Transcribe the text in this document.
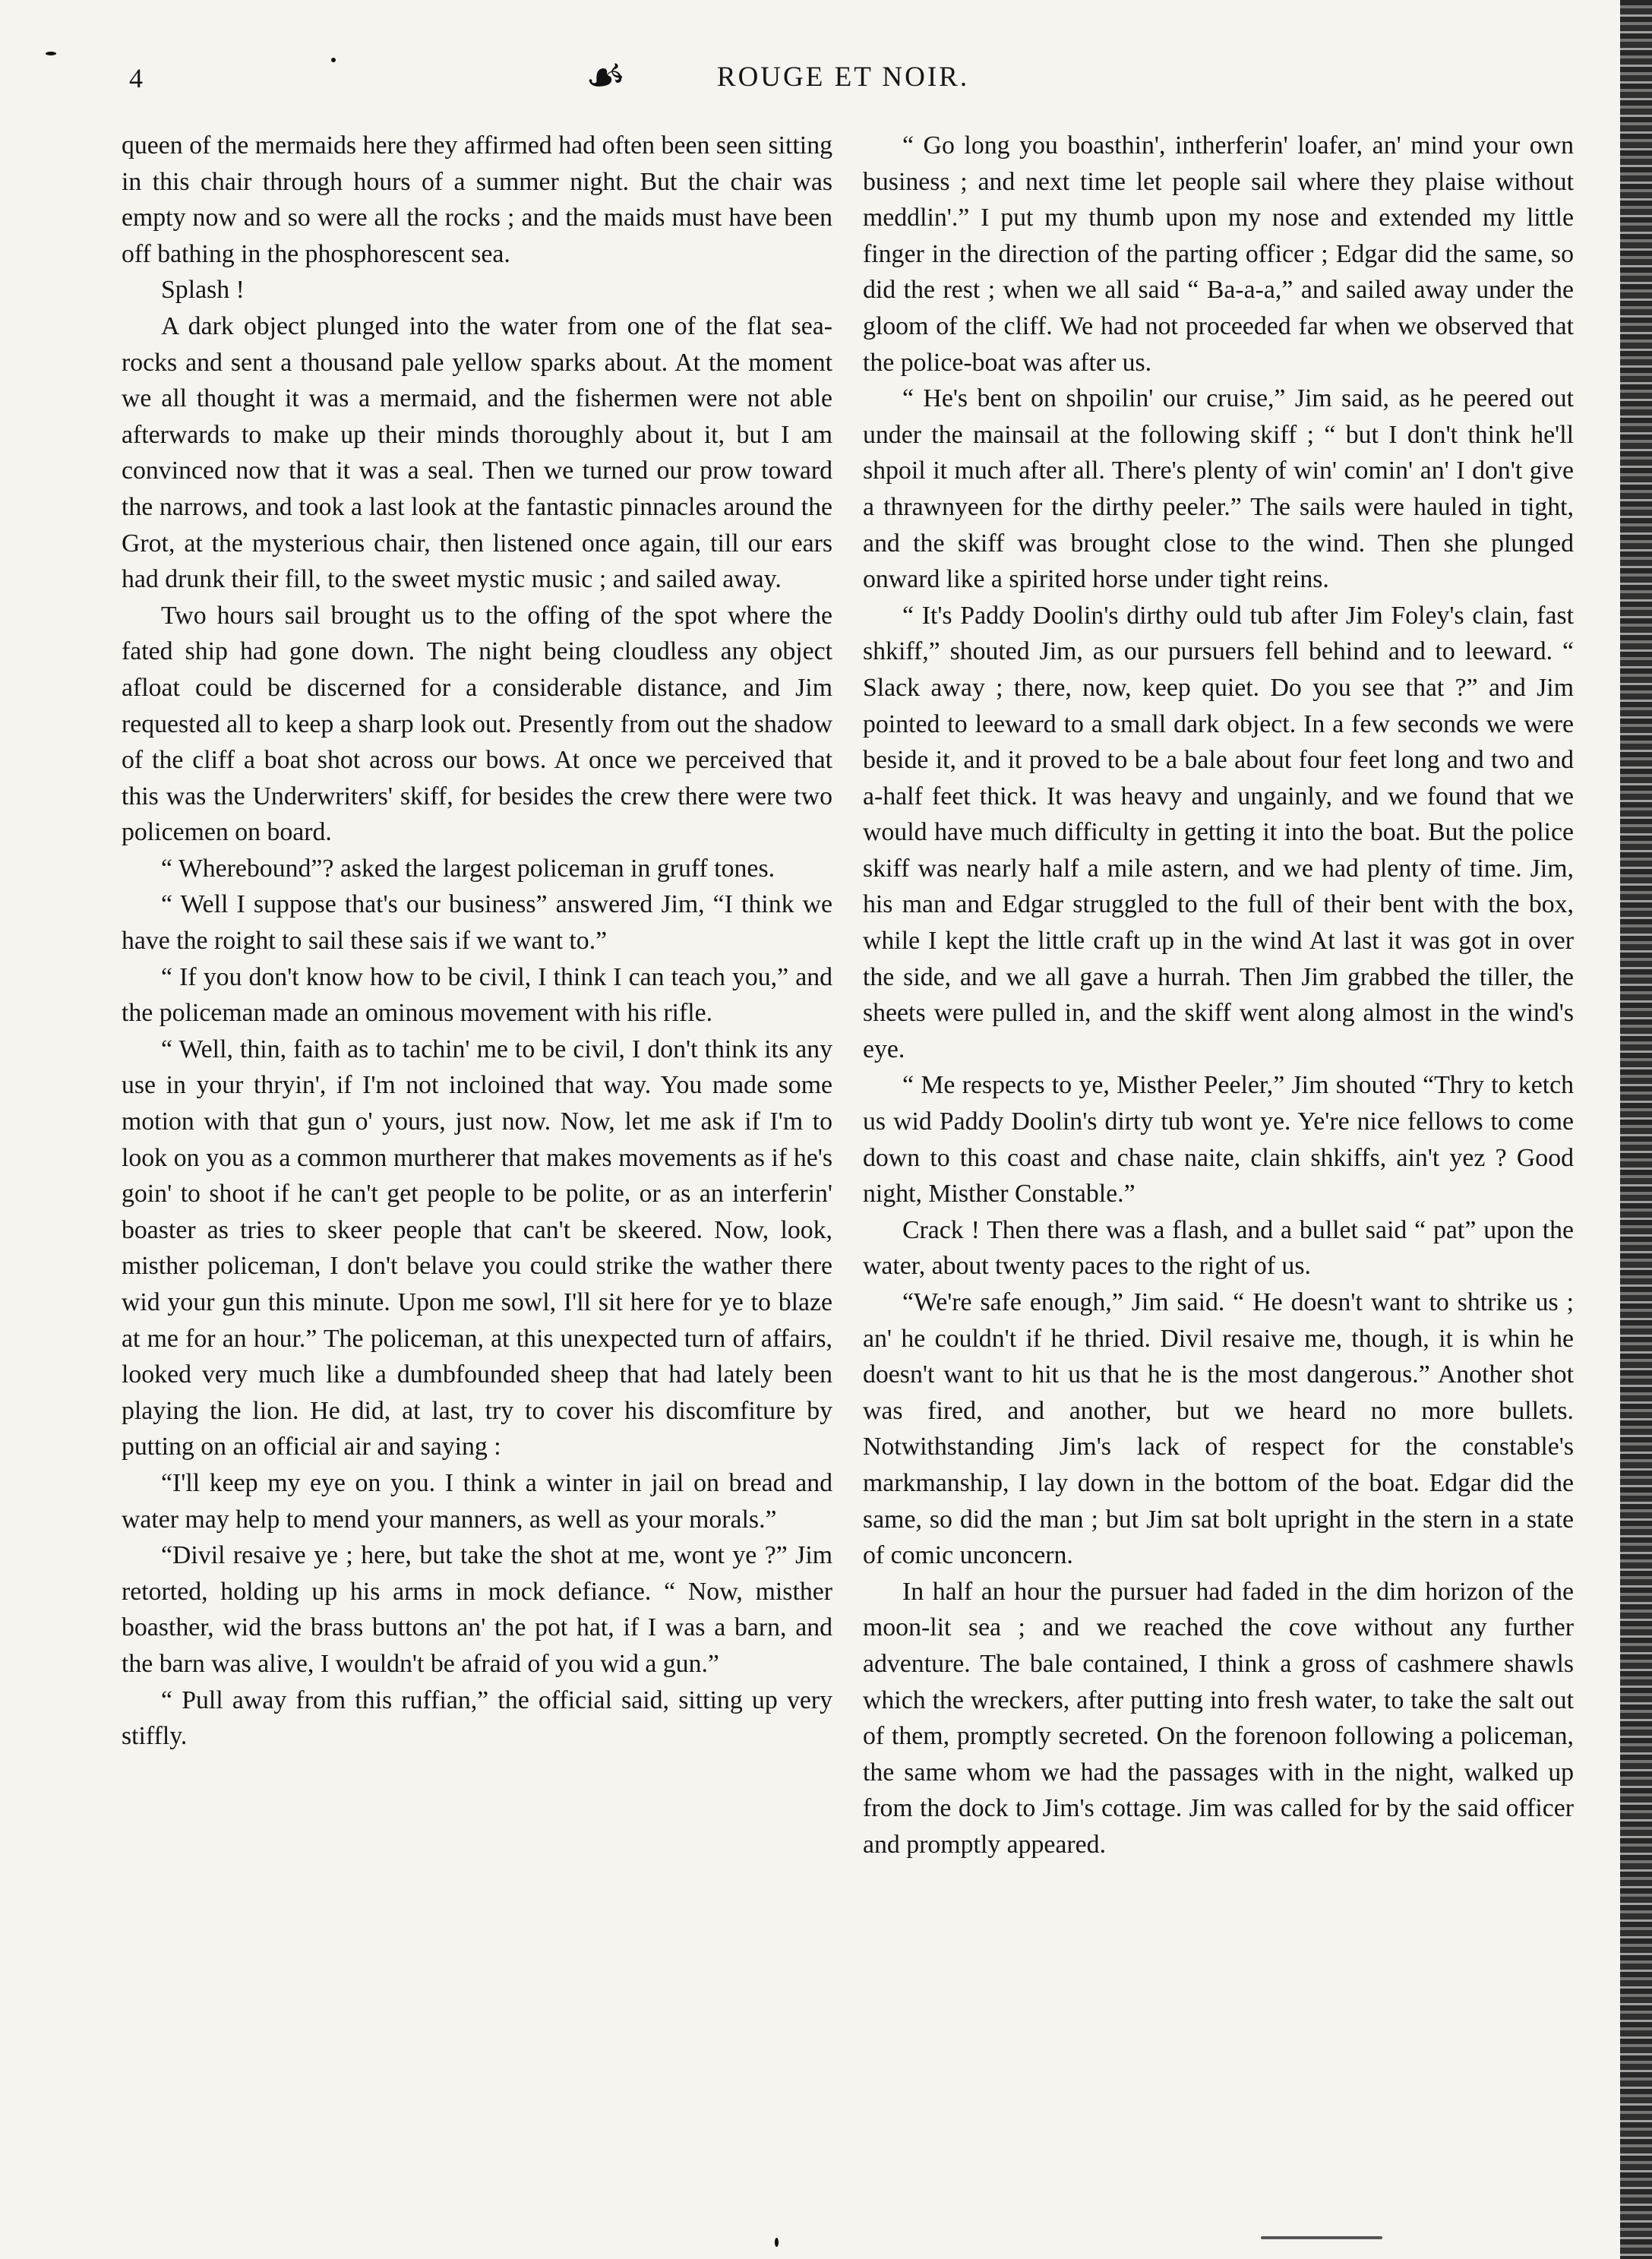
4	☙	ROUGE ET NOIR.

queen of the mermaids here they affirmed had often been seen sitting in this chair through hours of a summer night. But the chair was empty now and so were all the rocks ; and the maids must have been off bathing in the phosphorescent sea.

Splash !

A dark object plunged into the water from one of the flat sea-rocks and sent a thousand pale yellow sparks about. At the moment we all thought it was a mermaid, and the fishermen were not able afterwards to make up their minds thoroughly about it, but I am convinced now that it was a seal. Then we turned our prow toward the narrows, and took a last look at the fantastic pinnacles around the Grot, at the mysterious chair, then listened once again, till our ears had drunk their fill, to the sweet mystic music ; and sailed away.

Two hours sail brought us to the offing of the spot where the fated ship had gone down. The night being cloudless any object afloat could be discerned for a considerable distance, and Jim requested all to keep a sharp look out. Presently from out the shadow of the cliff a boat shot across our bows. At once we perceived that this was the Underwriters' skiff, for besides the crew there were two policemen on board.

“ Wherebound”? asked the largest policeman in gruff tones.

“ Well I suppose that's our business” answered Jim, “I think we have the roight to sail these sais if we want to.”

“ If you don't know how to be civil, I think I can teach you,” and the policeman made an ominous movement with his rifle.

“ Well, thin, faith as to tachin' me to be civil, I don't think its any use in your thryin', if I'm not incloined that way. You made some motion with that gun o' yours, just now. Now, let me ask if I'm to look on you as a common murtherer that makes movements as if he's goin' to shoot if he can't get people to be polite, or as an interferin' boaster as tries to skeer people that can't be skeered. Now, look, misther policeman, I don't belave you could strike the wather there wid your gun this minute. Upon me sowl, I'll sit here for ye to blaze at me for an hour.” The policeman, at this unexpected turn of affairs, looked very much like a dumbfounded sheep that had lately been playing the lion. He did, at last, try to cover his discomfiture by putting on an official air and saying :

“I'll keep my eye on you. I think a winter in jail on bread and water may help to mend your manners, as well as your morals.”

“Divil resaive ye ; here, but take the shot at me, wont ye ?” Jim retorted, holding up his arms in mock defiance. “ Now, misther boasther, wid the brass buttons an' the pot hat, if I was a barn, and the barn was alive, I wouldn't be afraid of you wid a gun.”

“ Pull away from this ruffian,” the official said, sitting up very stiffly.

“ Go long you boasthin', intherferin' loafer, an' mind your own business ; and next time let people sail where they plaise without meddlin'.” I put my thumb upon my nose and extended my little finger in the direction of the parting officer ; Edgar did the same, so did the rest ; when we all said “ Ba-a-a,” and sailed away under the gloom of the cliff. We had not proceeded far when we observed that the police-boat was after us.

“ He's bent on shpoilin' our cruise,” Jim said, as he peered out under the mainsail at the following skiff ; “ but I don't think he'll shpoil it much after all. There's plenty of win' comin' an' I don't give a thrawnyeen for the dirthy peeler.” The sails were hauled in tight, and the skiff was brought close to the wind. Then she plunged onward like a spirited horse under tight reins.

“ It's Paddy Doolin's dirthy ould tub after Jim Foley's clain, fast shkiff,” shouted Jim, as our pursuers fell behind and to leeward. “ Slack away ; there, now, keep quiet. Do you see that ?” and Jim pointed to leeward to a small dark object. In a few seconds we were beside it, and it proved to be a bale about four feet long and two and a-half feet thick. It was heavy and ungainly, and we found that we would have much difficulty in getting it into the boat. But the police skiff was nearly half a mile astern, and we had plenty of time. Jim, his man and Edgar struggled to the full of their bent with the box, while I kept the little craft up in the wind At last it was got in over the side, and we all gave a hurrah. Then Jim grabbed the tiller, the sheets were pulled in, and the skiff went along almost in the wind's eye.

“ Me respects to ye, Misther Peeler,” Jim shouted “Thry to ketch us wid Paddy Doolin's dirty tub wont ye. Ye're nice fellows to come down to this coast and chase naite, clain shkiffs, ain't yez ? Good night, Misther Constable.”

Crack ! Then there was a flash, and a bullet said “ pat” upon the water, about twenty paces to the right of us.

“We're safe enough,” Jim said. “ He doesn't want to shtrike us ; an' he couldn't if he thried. Divil resaive me, though, it is whin he doesn't want to hit us that he is the most dangerous.” Another shot was fired, and another, but we heard no more bullets. Notwithstanding Jim's lack of respect for the constable's markmanship, I lay down in the bottom of the boat. Edgar did the same, so did the man ; but Jim sat bolt upright in the stern in a state of comic unconcern.

In half an hour the pursuer had faded in the dim horizon of the moon-lit sea ; and we reached the cove without any further adventure. The bale contained, I think a gross of cashmere shawls which the wreckers, after putting into fresh water, to take the salt out of them, promptly secreted. On the forenoon following a policeman, the same whom we had the passages with in the night, walked up from the dock to Jim's cottage. Jim was called for by the said officer and promptly appeared.
